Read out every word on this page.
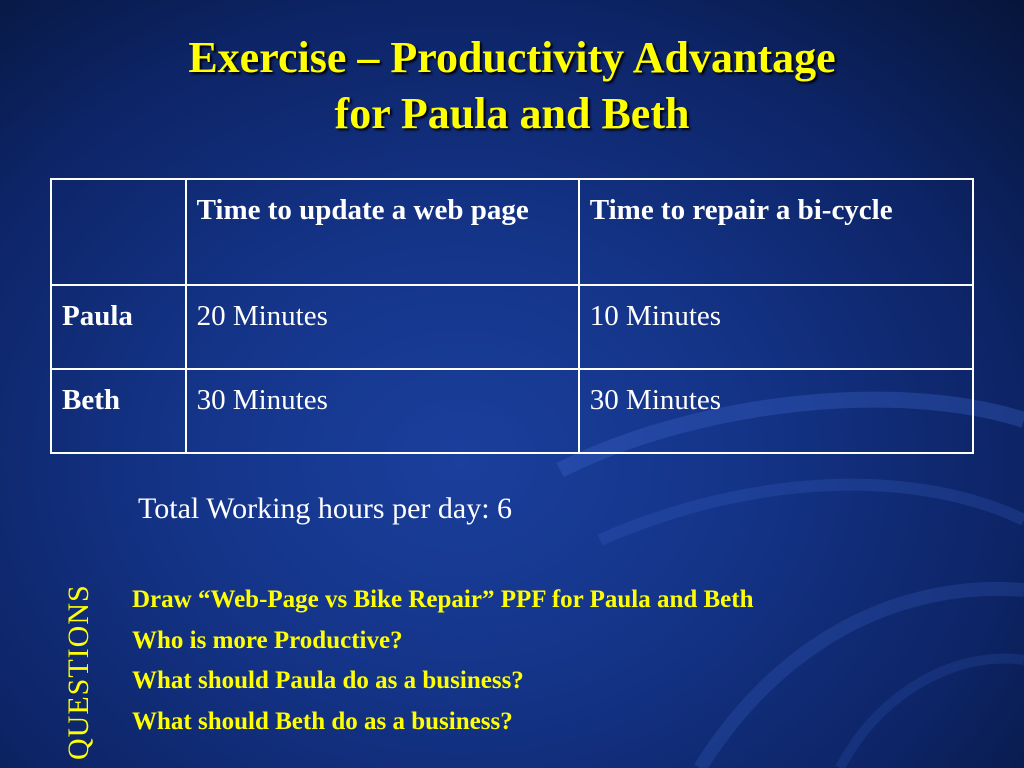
Exercise – Productivity Advantage
for Paula and Beth
	Time to update a web page	Time to repair a bi-cycle
Paula	20 Minutes	10 Minutes
Beth	30 Minutes	30 Minutes
Total Working hours per day: 6
QUESTIONS Draw “Web-Page vs Bike Repair” PPF for Paula and Beth
Who is more Productive?
What should Paula do as a business?
What should Beth do as a business?
